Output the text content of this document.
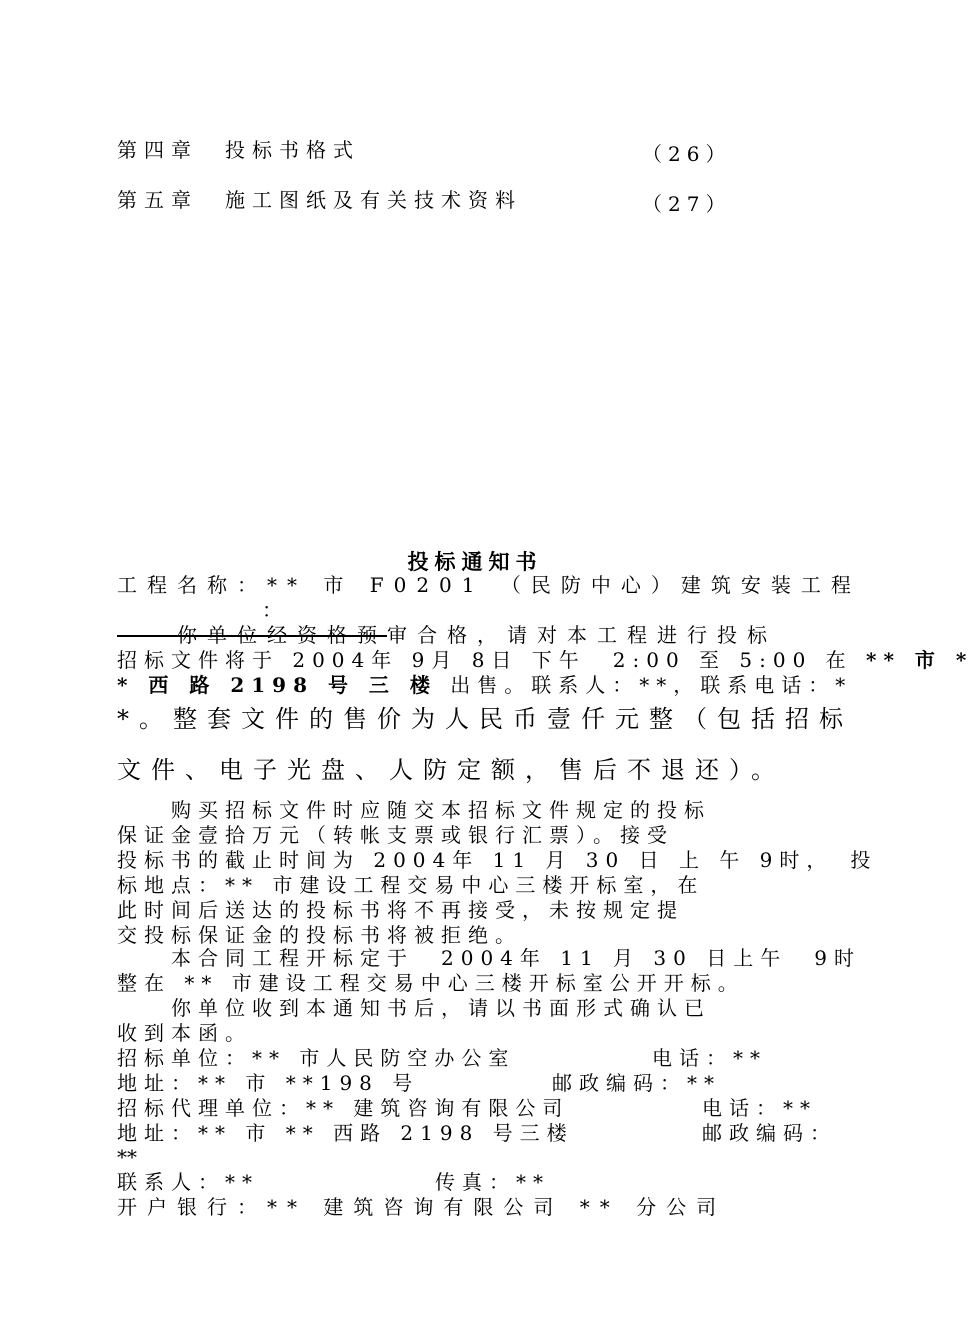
第四章　投标书格式	（26）
第五章　施工图纸及有关技术资料	（27）
投标通知书
工程名称：** 市 F0201 （民防中心）建筑安装工程
：
　　你单位经资格预审合格，请对本工程进行投标
招标文件将于 2004年 9月 8日 下午　2:00 至 5:00 在 ** 市 *
* 西 路 2198 号 三 楼 出售。联系人：**，联系电话：*
*。整套文件的售价为人民币壹仟元整（包括招标
文件、电子光盘、人防定额，售后不退还）。
　　购买招标文件时应随交本招标文件规定的投标
保证金壹拾万元（转帐支票或银行汇票）。接受
投标书的截止时间为 2004年 11 月 30 日 上 午 9时，　投
标地点：** 市建设工程交易中心三楼开标室，在
此时间后送达的投标书将不再接受，未按规定提
交投标保证金的投标书将被拒绝。
　　本合同工程开标定于　2004年 11 月 30 日上午　9时
整在 ** 市建设工程交易中心三楼开标室公开开标。
　　你单位收到本通知书后，请以书面形式确认已
收到本函。
招标单位：** 市人民防空办公室	电话：**
地址：** 市 **198 号	邮政编码：**
招标代理单位：** 建筑咨询有限公司	电话：**
地址：** 市 ** 西路 2198 号三楼	邮政编码：
**
联系人：**	传真：**
开户银行：** 建筑咨询有限公司 ** 分公司
